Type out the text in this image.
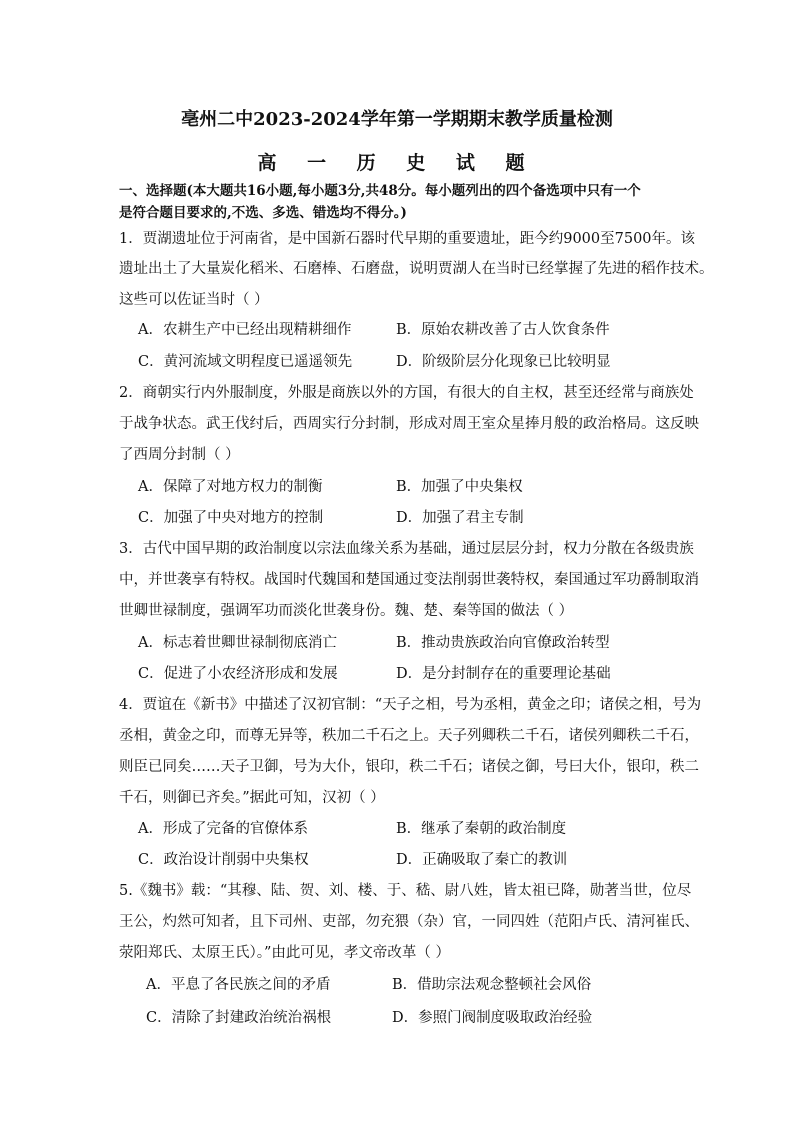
亳州二中2023-2024学年第一学期期末教学质量检测
高 一 历 史 试 题
一、选择题(本大题共16小题,每小题3分,共48分。每小题列出的四个备选项中只有一个
是符合题目要求的,不选、多选、错选均不得分。)
1．贾湖遗址位于河南省，是中国新石器时代早期的重要遗址，距今约9000至7500年。该
遗址出土了大量炭化稻米、石磨棒、石磨盘，说明贾湖人在当时已经掌握了先进的稻作技术。
这些可以佐证当时（ ）
A．农耕生产中已经出现精耕细作	B．原始农耕改善了古人饮食条件
C．黄河流域文明程度已遥遥领先	D．阶级阶层分化现象已比较明显
2．商朝实行内外服制度，外服是商族以外的方国，有很大的自主权，甚至还经常与商族处
于战争状态。武王伐纣后，西周实行分封制，形成对周王室众星捧月般的政治格局。这反映
了西周分封制（ ）
A．保障了对地方权力的制衡	B．加强了中央集权
C．加强了中央对地方的控制	D．加强了君主专制
3．古代中国早期的政治制度以宗法血缘关系为基础，通过层层分封，权力分散在各级贵族
中，并世袭享有特权。战国时代魏国和楚国通过变法削弱世袭特权，秦国通过军功爵制取消
世卿世禄制度，强调军功而淡化世袭身份。魏、楚、秦等国的做法（ ）
A．标志着世卿世禄制彻底消亡	B．推动贵族政治向官僚政治转型
C．促进了小农经济形成和发展	D．是分封制存在的重要理论基础
4．贾谊在《新书》中描述了汉初官制：“天子之相，号为丞相，黄金之印；诸侯之相，号为
丞相，黄金之印，而尊无异等，秩加二千石之上。天子列卿秩二千石，诸侯列卿秩二千石，
则臣已同矣……天子卫御，号为大仆，银印，秩二千石；诸侯之御，号曰大仆，银印，秩二
千石，则御已齐矣。”据此可知，汉初（ ）
A．形成了完备的官僚体系	B．继承了秦朝的政治制度
C．政治设计削弱中央集权	D．正确吸取了秦亡的教训
5.《魏书》载：“其穆、陆、贺、刘、楼、于、嵇、尉八姓，皆太祖已降，勋著当世，位尽
王公，灼然可知者，且下司州、吏部，勿充猥（杂）官，一同四姓（范阳卢氏、清河崔氏、
荥阳郑氏、太原王氏）。”由此可见，孝文帝改革（ ）
A．平息了各民族之间的矛盾	B．借助宗法观念整顿社会风俗
C．清除了封建政治统治祸根	D．参照门阀制度吸取政治经验
